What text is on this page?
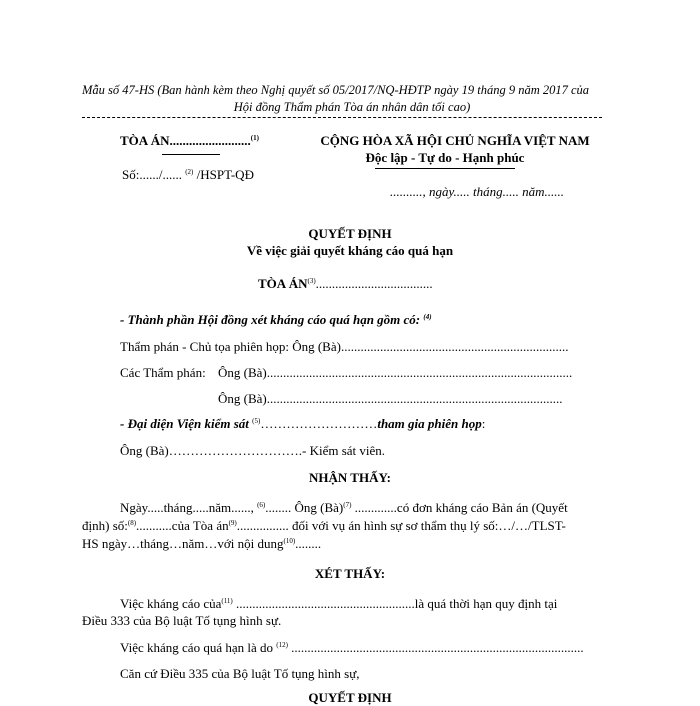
Mẫu số 47-HS (Ban hành kèm theo Nghị quyết số 05/2017/NQ-HĐTP ngày 19 tháng 9 năm 2017 của
Hội đồng Thẩm phán Tòa án nhân dân tối cao)
TÒA ÁN.........................$^{(1)}$
Số:....../...... $^{(2)}$ /HSPT-QĐ
CỘNG HÒA XÃ HỘI CHỦ NGHĨA VIỆT NAM
Độc lập - Tự do - Hạnh phúc
.........., ngày..... tháng..... năm......
QUYẾT ĐỊNH
Về việc giải quyết kháng cáo quá hạn
TÒA ÁN$^{(3)}$....................................
- Thành phần Hội đồng xét kháng cáo quá hạn gồm có: $^{(4)}$
Thẩm phán - Chủ tọa phiên họp: Ông (Bà)......................................................................
Các Thẩm phán: Ông (Bà)..............................................................................................
Ông (Bà)...........................................................................................
- Đại diện Viện kiểm sát $^{(5)}$………………………tham gia phiên họp:
Ông (Bà)………………………….- Kiểm sát viên.
NHẬN THẤY:
Ngày.....tháng.....năm......, $^{(6)}$........ Ông (Bà)$^{(7)}$ .............có đơn kháng cáo Bản án (Quyết
định) số:$^{(8)}$...........của Tòa $án^{(9)}$................ đối với vụ án hình sự sơ thẩm thụ lý số:…/…/TLST-
HS ngày…tháng…năm…với nội dung$^{(10)}$........
XÉT THẤY:
Việc kháng cáo của$^{(11)}$ .......................................................là quá thời hạn quy định tại
Điều 333 của Bộ luật Tố tụng hình sự.
Việc kháng cáo quá hạn là do $^{(12)}$ ..........................................................................................
Căn cứ Điều 335 của Bộ luật Tố tụng hình sự,
QUYẾT ĐỊNH
